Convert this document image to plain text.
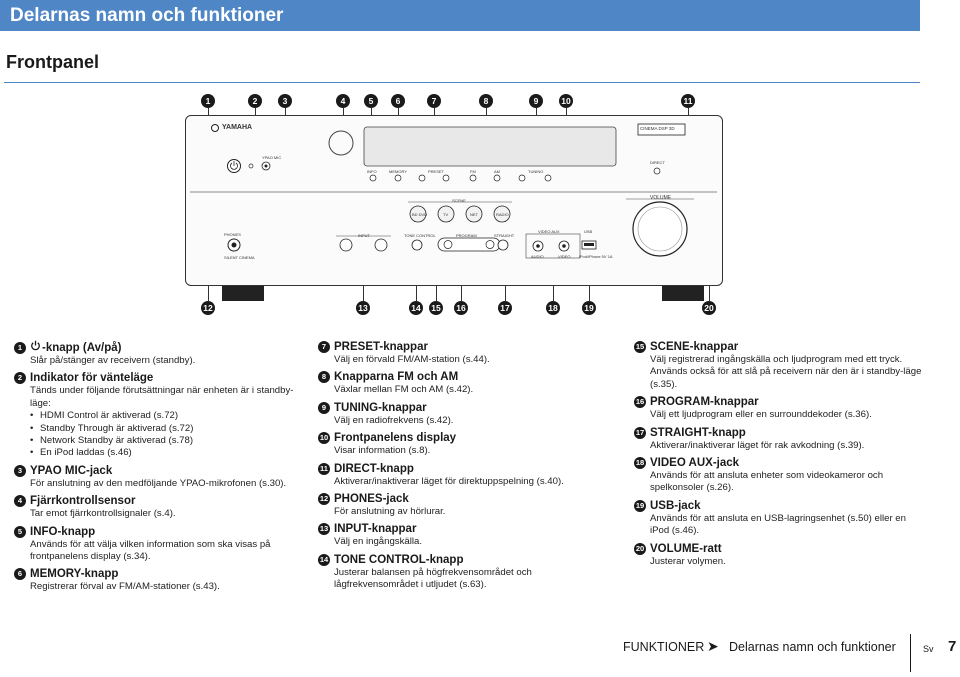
Delarnas namn och funktioner
Frontpanel
1	2	3	4	5	6	7	8	9	10	11
12	13	14 15 16	17	18	19	20
YAMAHA	CINEMA DSP 3D
YPAO MIC
INFO	MEMORY	PRESET	FM	AM	TUNING
DIRECT
SCENE
BD DVD	TV	NET	RADIO
VOLUME
PHONES
SILENT CINEMA
INPUT	TONE CONTROL	PROGRAM	STRAIGHT
VIDEO AUX	USB
AUDIO	VIDEO iPod/iPhone 5V 1A
1	-knapp (Av/på)
Slår på/stänger av receivern (standby).
2 Indikator för vänteläge
Tänds under följande förutsättningar när enheten är i standby-läge:
• HDMI Control är aktiverad (s.72)
• Standby Through är aktiverad (s.72)
• Network Standby är aktiverad (s.78)
• En iPod laddas (s.46)
3 YPAO MIC-jack
För anslutning av den medföljande YPAO-mikrofonen (s.30).
4 Fjärrkontrollsensor
Tar emot fjärrkontrollsignaler (s.4).
5 INFO-knapp
Används för att välja vilken information som ska visas på frontpanelens display (s.34).
6 MEMORY-knapp
Registrerar förval av FM/AM-stationer (s.43).
7 PRESET-knappar
Välj en förvald FM/AM-station (s.44).
8 Knapparna FM och AM
Växlar mellan FM och AM (s.42).
9 TUNING-knappar
Välj en radiofrekvens (s.42).
10 Frontpanelens display
Visar information (s.8).
11 DIRECT-knapp
Aktiverar/inaktiverar läget för direktuppspelning (s.40).
12 PHONES-jack
För anslutning av hörlurar.
13 INPUT-knappar
Välj en ingångskälla.
14 TONE CONTROL-knapp
Justerar balansen på högfrekvensområdet och lågfrekvensområdet i utljudet (s.63).
15 SCENE-knappar
Välj registrerad ingångskälla och ljudprogram med ett tryck. Används också för att slå på receivern när den är i standby-läge (s.35).
16 PROGRAM-knappar
Välj ett ljudprogram eller en surrounddekoder (s.36).
17 STRAIGHT-knapp
Aktiverar/inaktiverar läget för rak avkodning (s.39).
18 VIDEO AUX-jack
Används för att ansluta enheter som videokameror och spelkonsoler (s.26).
19 USB-jack
Används för att ansluta en USB-lagringsenhet (s.50) eller en iPod (s.46).
20 VOLUME-ratt
Justerar volymen.
FUNKTIONER ➤ Delarnas namn och funktioner	Sv 7
